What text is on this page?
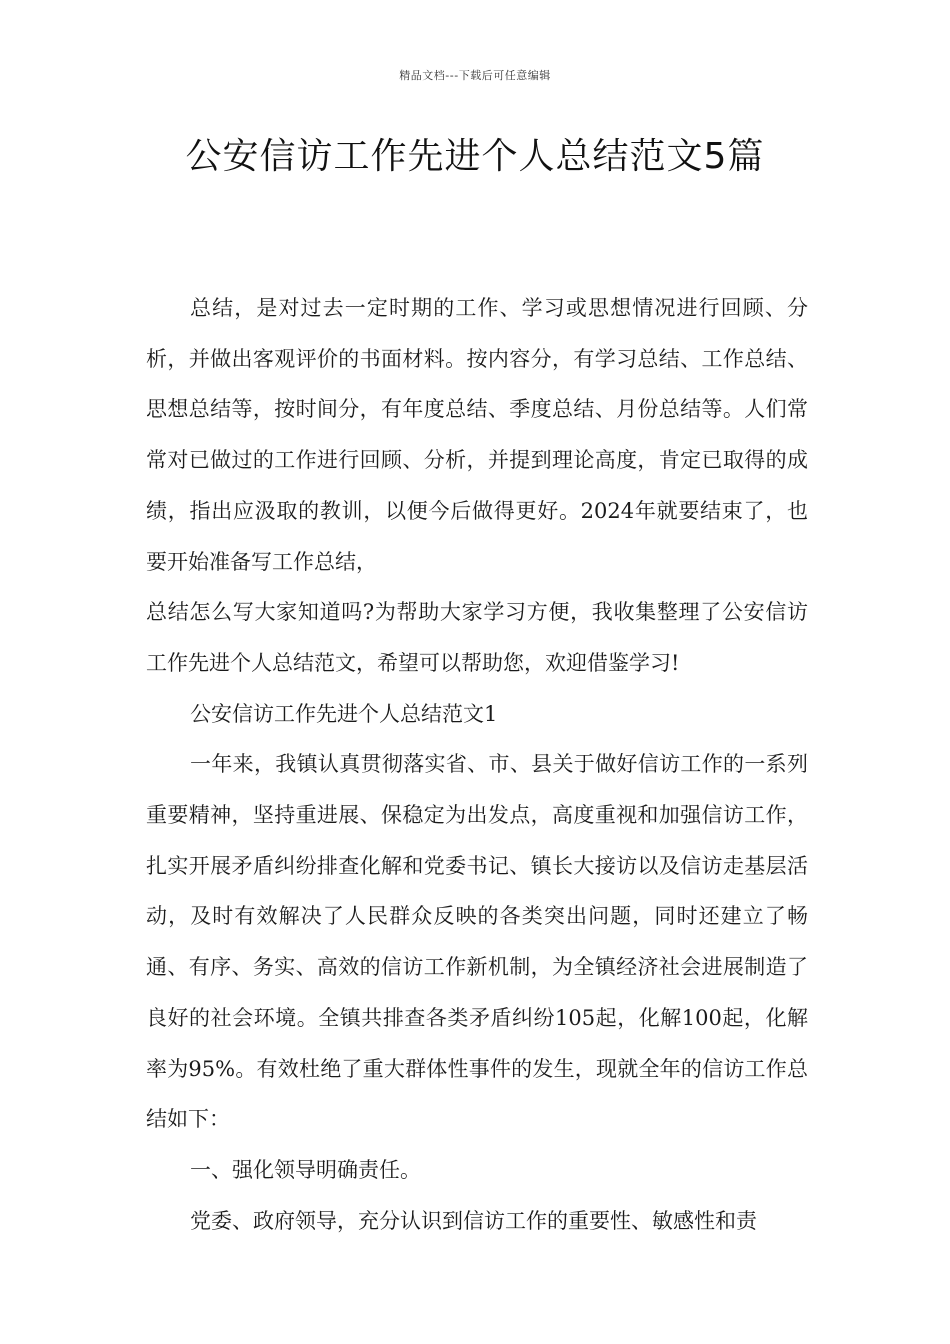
精品文档---下载后可任意编辑
公安信访工作先进个人总结范文5篇

总结，是对过去一定时期的工作、学习或思想情况进行回顾、分析，并做出客观评价的书面材料。按内容分，有学习总结、工作总结、思想总结等，按时间分，有年度总结、季度总结、月份总结等。人们常常对已做过的工作进行回顾、分析，并提到理论高度，肯定已取得的成绩，指出应汲取的教训，以便今后做得更好。2024年就要结束了，也要开始准备写工作总结，

总结怎么写大家知道吗?为帮助大家学习方便，我收集整理了公安信访工作先进个人总结范文，希望可以帮助您，欢迎借鉴学习!

公安信访工作先进个人总结范文1

一年来，我镇认真贯彻落实省、市、县关于做好信访工作的一系列重要精神，坚持重进展、保稳定为出发点，高度重视和加强信访工作，扎实开展矛盾纠纷排查化解和党委书记、镇长大接访以及信访走基层活动，及时有效解决了人民群众反映的各类突出问题，同时还建立了畅通、有序、务实、高效的信访工作新机制，为全镇经济社会进展制造了良好的社会环境。全镇共排查各类矛盾纠纷105起，化解100起，化解率为95%。有效杜绝了重大群体性事件的发生，现就全年的信访工作总结如下：

一、强化领导明确责任。

党委、政府领导，充分认识到信访工作的重要性、敏感性和责
